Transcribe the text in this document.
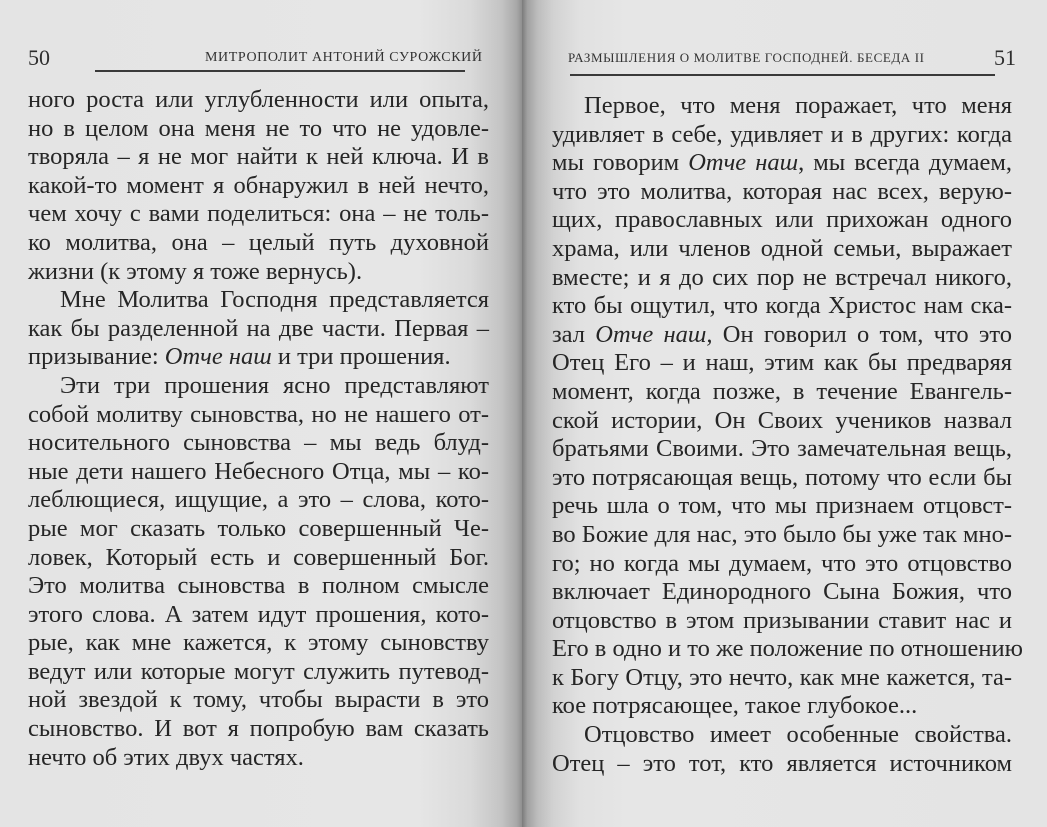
50	МИТРОПОЛИТ АНТОНИЙ СУРОЖСКИЙ
ного роста или углубленности или опыта,
но в целом она меня не то что не удовле-
творяла – я не мог найти к ней ключа. И в
какой-то момент я обнаружил в ней нечто,
чем хочу с вами поделиться: она – не толь-
ко молитва, она – целый путь духовной
жизни (к этому я тоже вернусь).
Мне Молитва Господня представляется
как бы разделенной на две части. Первая –
призывание: Отче наш и три прошения.
Эти три прошения ясно представляют
собой молитву сыновства, но не нашего от-
носительного сыновства – мы ведь блуд-
ные дети нашего Небесного Отца, мы – ко-
леблющиеся, ищущие, а это – слова, кото-
рые мог сказать только совершенный Че-
ловек, Который есть и совершенный Бог.
Это молитва сыновства в полном смысле
этого слова. А затем идут прошения, кото-
рые, как мне кажется, к этому сыновству
ведут или которые могут служить путевод-
ной звездой к тому, чтобы вырасти в это
сыновство. И вот я попробую вам сказать
нечто об этих двух частях.
РАЗМЫШЛЕНИЯ О МОЛИТВЕ ГОСПОДНЕЙ. БЕСЕДА II	51
Первое, что меня поражает, что меня
удивляет в себе, удивляет и в других: когда
мы говорим Отче наш, мы всегда думаем,
что это молитва, которая нас всех, верую-
щих, православных или прихожан одного
храма, или членов одной семьи, выражает
вместе; и я до сих пор не встречал никого,
кто бы ощутил, что когда Христос нам ска-
зал Отче наш, Он говорил о том, что это
Отец Его – и наш, этим как бы предваряя
момент, когда позже, в течение Евангель-
ской истории, Он Своих учеников назвал
братьями Своими. Это замечательная вещь,
это потрясающая вещь, потому что если бы
речь шла о том, что мы признаем отцовст-
во Божие для нас, это было бы уже так мно-
го; но когда мы думаем, что это отцовство
включает Единородного Сына Божия, что
отцовство в этом призывании ставит нас и
Его в одно и то же положение по отношению
к Богу Отцу, это нечто, как мне кажется, та-
кое потрясающее, такое глубокое...
Отцовство имеет особенные свойства.
Отец – это тот, кто является источником
